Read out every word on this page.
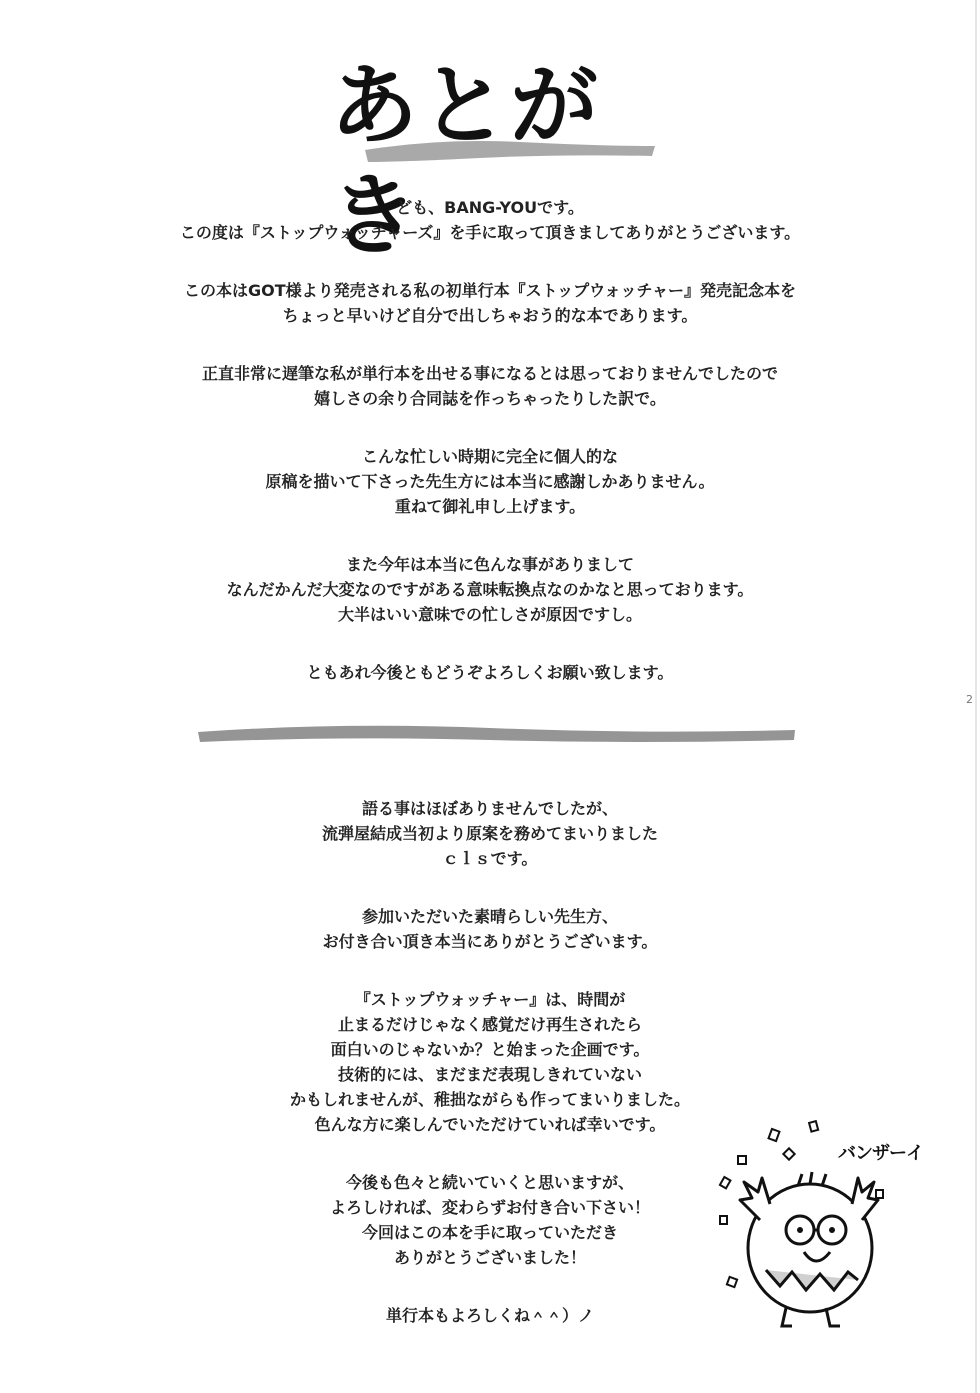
あとがき
ども、BANG-YOUです。
この度は『ストップウォッチャーズ』を手に取って頂きましてありがとうございます。
この本はGOT様より発売される私の初単行本『ストップウォッチャー』発売記念本を
ちょっと早いけど自分で出しちゃおう的な本であります。
正直非常に遅筆な私が単行本を出せる事になるとは思っておりませんでしたので
嬉しさの余り合同誌を作っちゃったりした訳で。
こんな忙しい時期に完全に個人的な
原稿を描いて下さった先生方には本当に感謝しかありません。
重ねて御礼申し上げます。
また今年は本当に色んな事がありまして
なんだかんだ大変なのですがある意味転換点なのかなと思っております。
大半はいい意味での忙しさが原因ですし。
ともあれ今後ともどうぞよろしくお願い致します。
語る事はほぼありませんでしたが、
流弾屋結成当初より原案を務めてまいりました
ｃｌｓです。
参加いただいた素晴らしい先生方、
お付き合い頂き本当にありがとうございます。
『ストップウォッチャー』は、時間が
止まるだけじゃなく感覚だけ再生されたら
面白いのじゃないか？と始まった企画です。
技術的には、まだまだ表現しきれていない
かもしれませんが、稚拙ながらも作ってまいりました。
色んな方に楽しんでいただけていれば幸いです。
今後も色々と続いていくと思いますが、
よろしければ、変わらずお付き合い下さい！
今回はこの本を手に取っていただき
ありがとうございました！
単行本もよろしくね＾＾）ノ
バンザーイ
2
